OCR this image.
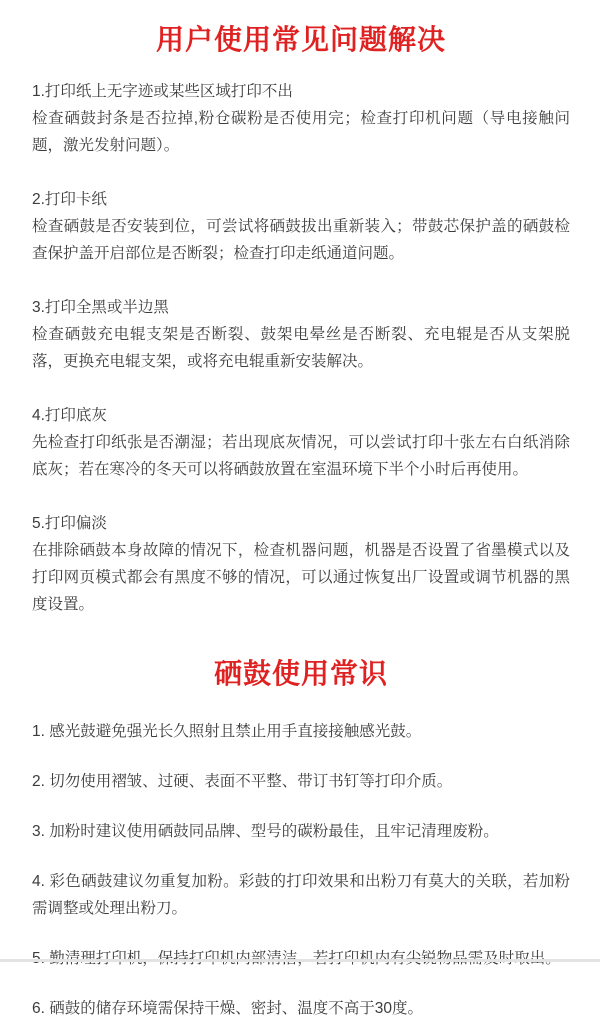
用户使用常见问题解决

1.打印纸上无字迹或某些区域打印不出

检查硒鼓封条是否拉掉,粉仓碳粉是否使用完；检查打印机问题（导电接触问题，激光发射问题）。

2.打印卡纸

检查硒鼓是否安装到位，可尝试将硒鼓拔出重新装入；带鼓芯保护盖的硒鼓检查保护盖开启部位是否断裂；检查打印走纸通道问题。

3.打印全黑或半边黑

检查硒鼓充电辊支架是否断裂、鼓架电晕丝是否断裂、充电辊是否从支架脱落，更换充电辊支架，或将充电辊重新安装解决。

4.打印底灰

先检查打印纸张是否潮湿；若出现底灰情况，可以尝试打印十张左右白纸消除底灰；若在寒冷的冬天可以将硒鼓放置在室温环境下半个小时后再使用。

5.打印偏淡

在排除硒鼓本身故障的情况下，检查机器问题，机器是否设置了省墨模式以及打印网页模式都会有黑度不够的情况，可以通过恢复出厂设置或调节机器的黑度设置。

硒鼓使用常识

1. 感光鼓避免强光长久照射且禁止用手直接接触感光鼓。

2. 切勿使用褶皱、过硬、表面不平整、带订书钉等打印介质。

3. 加粉时建议使用硒鼓同品牌、型号的碳粉最佳，且牢记清理废粉。

4. 彩色硒鼓建议勿重复加粉。彩鼓的打印效果和出粉刀有莫大的关联，若加粉需调整或处理出粉刀。

6. 硒鼓的储存环境需保持干燥、密封、温度不高于30度。
